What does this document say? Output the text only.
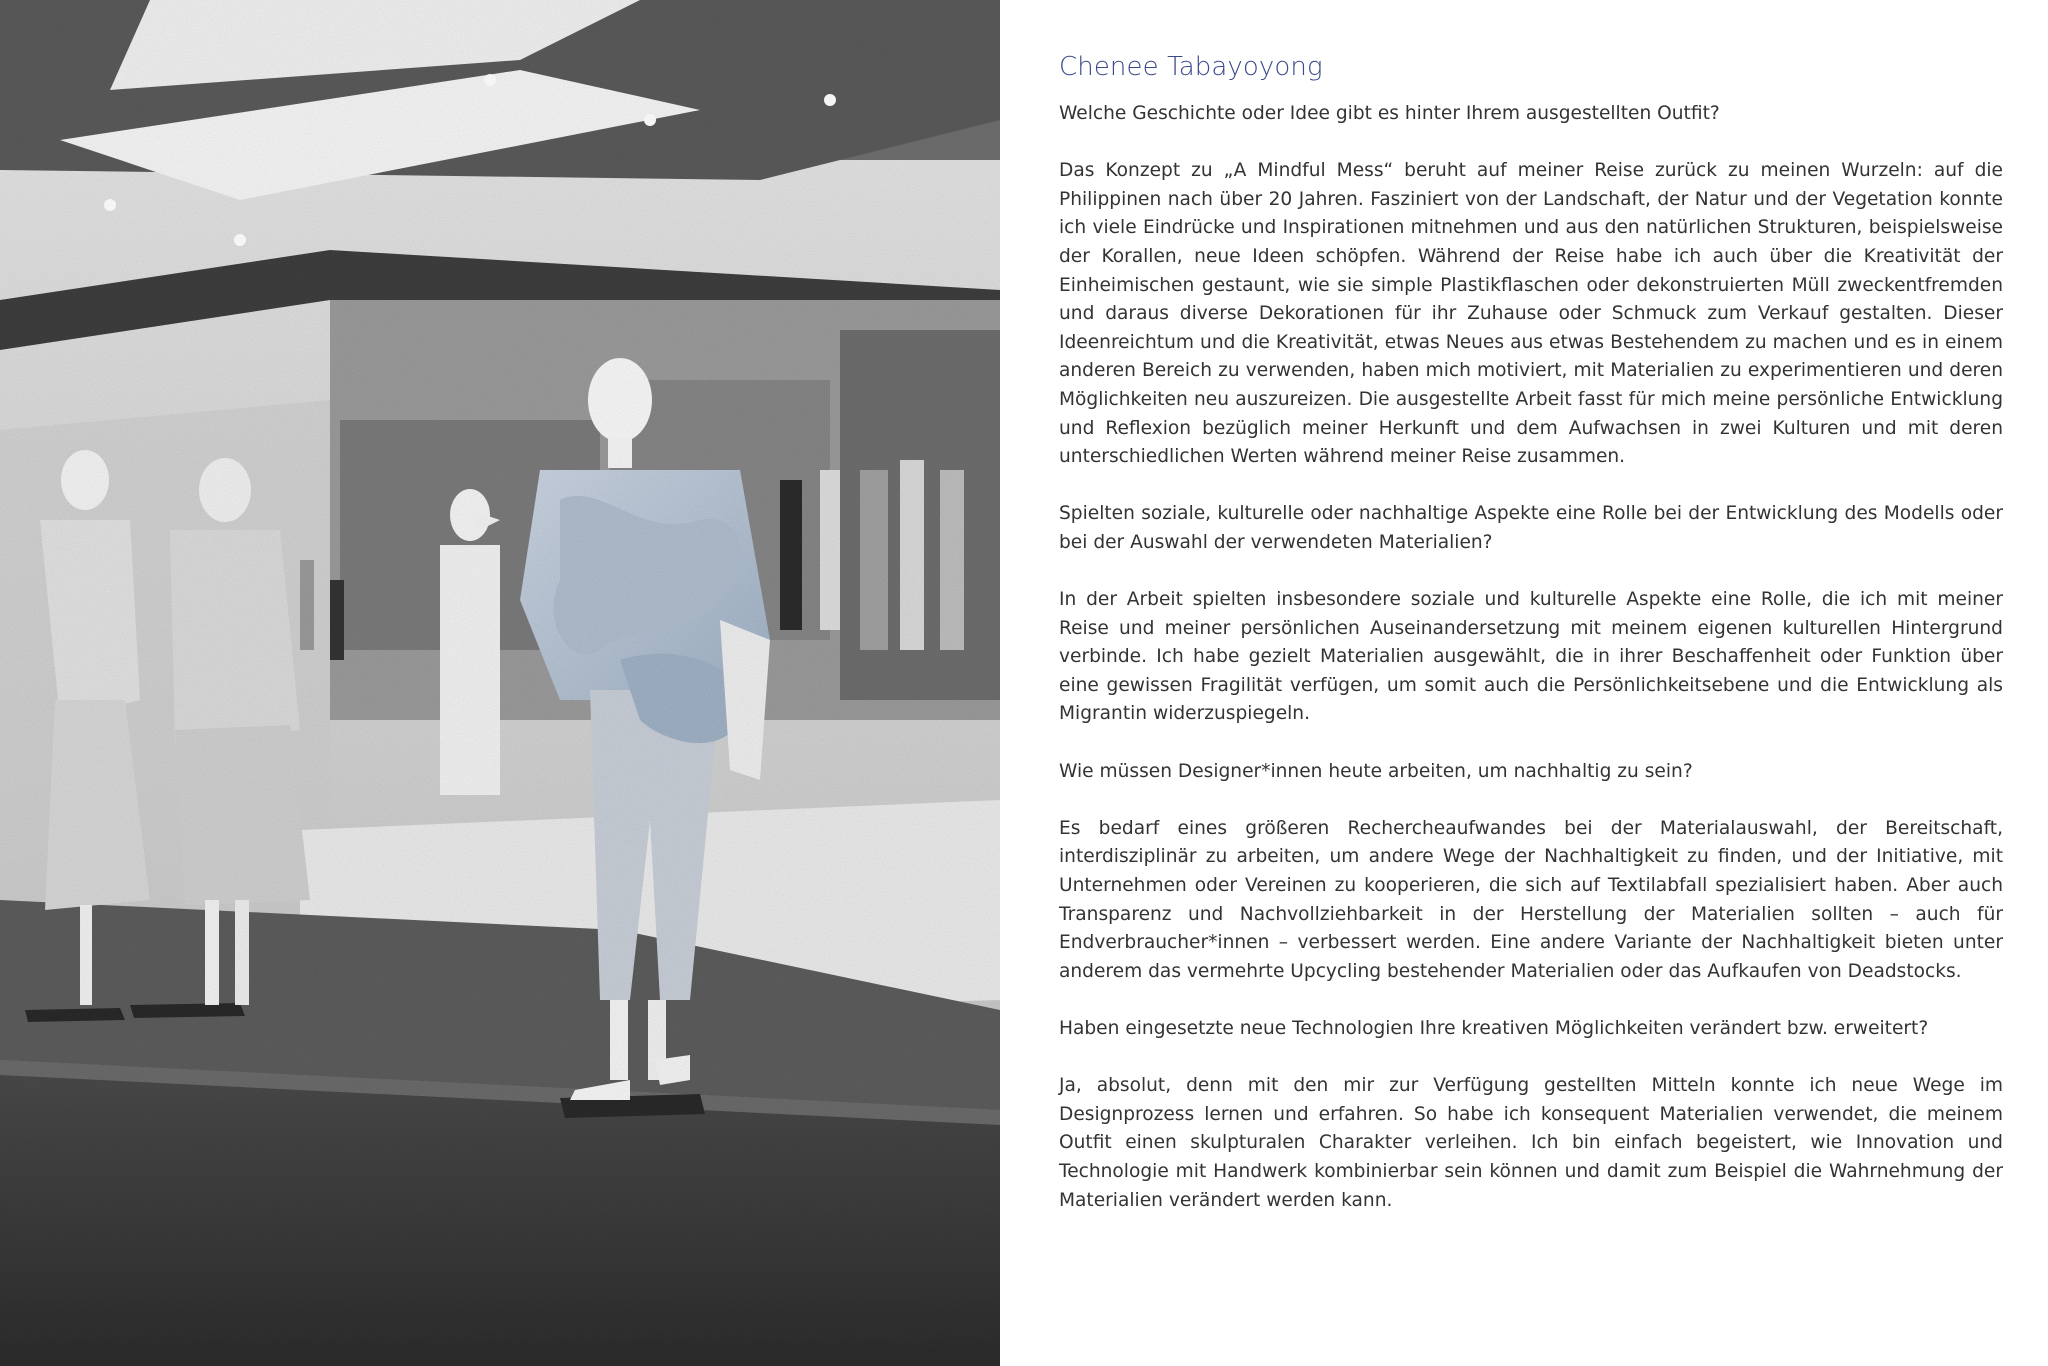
Chenee Tabayoyong

Welche Geschichte oder Idee gibt es hinter Ihrem ausgestellten Outfit?

Das Konzept zu „A Mindful Mess“ beruht auf meiner Reise zurück zu meinen Wurzeln: auf die Philippinen nach über 20 Jahren. Fasziniert von der Landschaft, der Natur und der Vegetation konnte ich viele Eindrücke und Inspirationen mitnehmen und aus den natürlichen Strukturen, beispielsweise der Korallen, neue Ideen schöpfen. Während der Reise habe ich auch über die Kreativität der Einheimischen gestaunt, wie sie simple Plastikflaschen oder dekonstruierten Müll zweckentfremden und daraus diverse Dekorationen für ihr Zuhause oder Schmuck zum Verkauf gestalten. Dieser Ideenreichtum und die Kreativität, etwas Neues aus etwas Bestehendem zu machen und es in einem anderen Bereich zu verwenden, haben mich motiviert, mit Materialien zu experimentieren und deren Möglichkeiten neu auszureizen. Die ausgestellte Arbeit fasst für mich meine persönliche Entwicklung und Reflexion bezüglich meiner Herkunft und dem Aufwachsen in zwei Kulturen und mit deren unterschiedlichen Werten während meiner Reise zusammen.

Spielten soziale, kulturelle oder nachhaltige Aspekte eine Rolle bei der Entwicklung des Modells oder bei der Auswahl der verwendeten Materialien?

In der Arbeit spielten insbesondere soziale und kulturelle Aspekte eine Rolle, die ich mit meiner Reise und meiner persönlichen Auseinandersetzung mit meinem eigenen kulturellen Hintergrund verbinde. Ich habe gezielt Materialien ausgewählt, die in ihrer Beschaffenheit oder Funktion über eine gewissen Fragilität verfügen, um somit auch die Persönlichkeitsebene und die Entwicklung als Migrantin widerzuspiegeln.

Wie müssen Designer*innen heute arbeiten, um nachhaltig zu sein?

Es bedarf eines größeren Rechercheaufwandes bei der Materialauswahl, der Bereitschaft, interdisziplinär zu arbeiten, um andere Wege der Nachhaltigkeit zu finden, und der Initiative, mit Unternehmen oder Vereinen zu kooperieren, die sich auf Textilabfall spezialisiert haben. Aber auch Transparenz und Nachvollziehbarkeit in der Herstellung der Materialien sollten – auch für Endverbraucher*innen – verbessert werden. Eine andere Variante der Nachhaltigkeit bieten unter anderem das vermehrte Upcycling bestehender Materialien oder das Aufkaufen von Deadstocks.

Haben eingesetzte neue Technologien Ihre kreativen Möglichkeiten verändert bzw. erweitert?

Ja, absolut, denn mit den mir zur Verfügung gestellten Mitteln konnte ich neue Wege im Designprozess lernen und erfahren. So habe ich konsequent Materialien verwendet, die meinem Outfit einen skulpturalen Charakter verleihen. Ich bin einfach begeistert, wie Innovation und Technologie mit Handwerk kombinierbar sein können und damit zum Beispiel die Wahrnehmung der Materialien verändert werden kann.
